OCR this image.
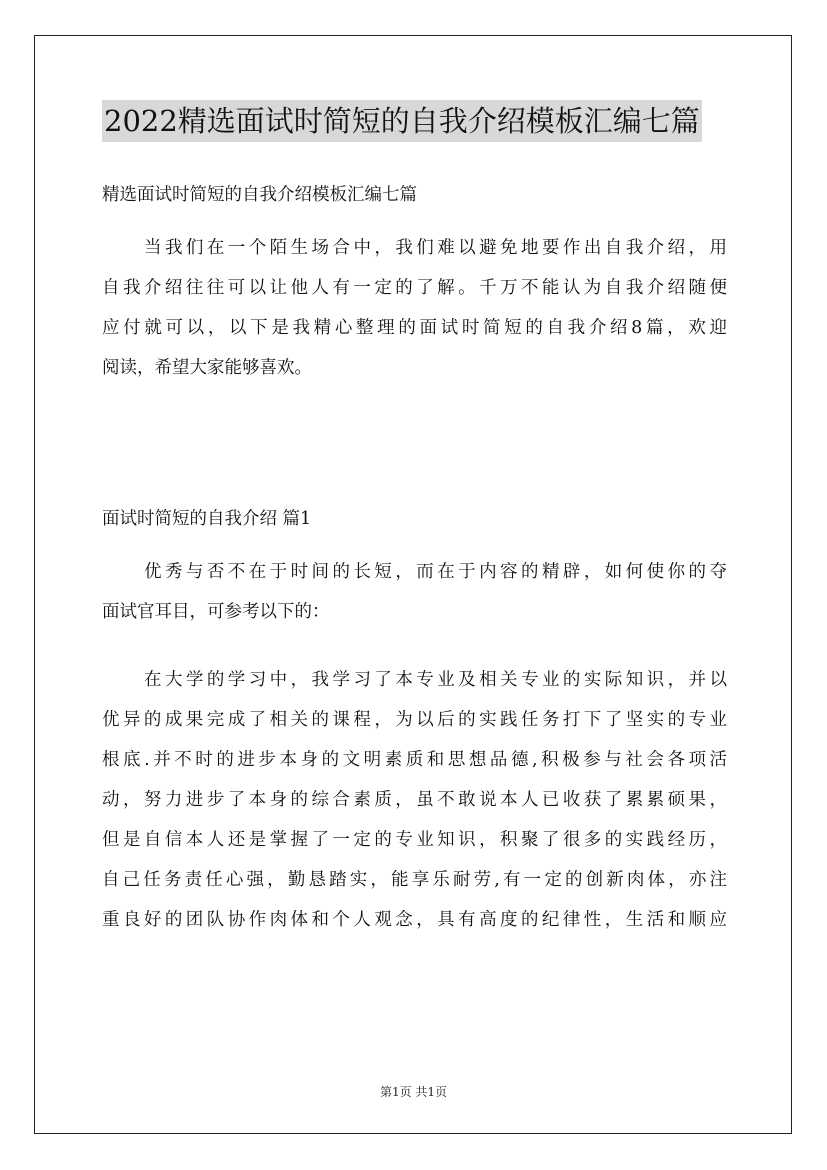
2022精选面试时简短的自我介绍模板汇编七篇
精选面试时简短的自我介绍模板汇编七篇
当我们在一个陌生场合中，我们难以避免地要作出自我介绍，用
自我介绍往往可以让他人有一定的了解。千万不能认为自我介绍随便
应付就可以，以下是我精心整理的面试时简短的自我介绍8篇，欢迎
阅读，希望大家能够喜欢。
面试时简短的自我介绍 篇1
优秀与否不在于时间的长短，而在于内容的精辟，如何使你的夺
面试官耳目，可参考以下的：
在大学的学习中，我学习了本专业及相关专业的实际知识，并以
优异的成果完成了相关的课程，为以后的实践任务打下了坚实的专业
根底.并不时的进步本身的文明素质和思想品德,积极参与社会各项活
动，努力进步了本身的综合素质，虽不敢说本人已收获了累累硕果，
但是自信本人还是掌握了一定的专业知识，积聚了很多的实践经历，
自己任务责任心强，勤恳踏实，能享乐耐劳,有一定的创新肉体，亦注
重良好的团队协作肉体和个人观念，具有高度的纪律性，生活和顺应
第1页 共1页
